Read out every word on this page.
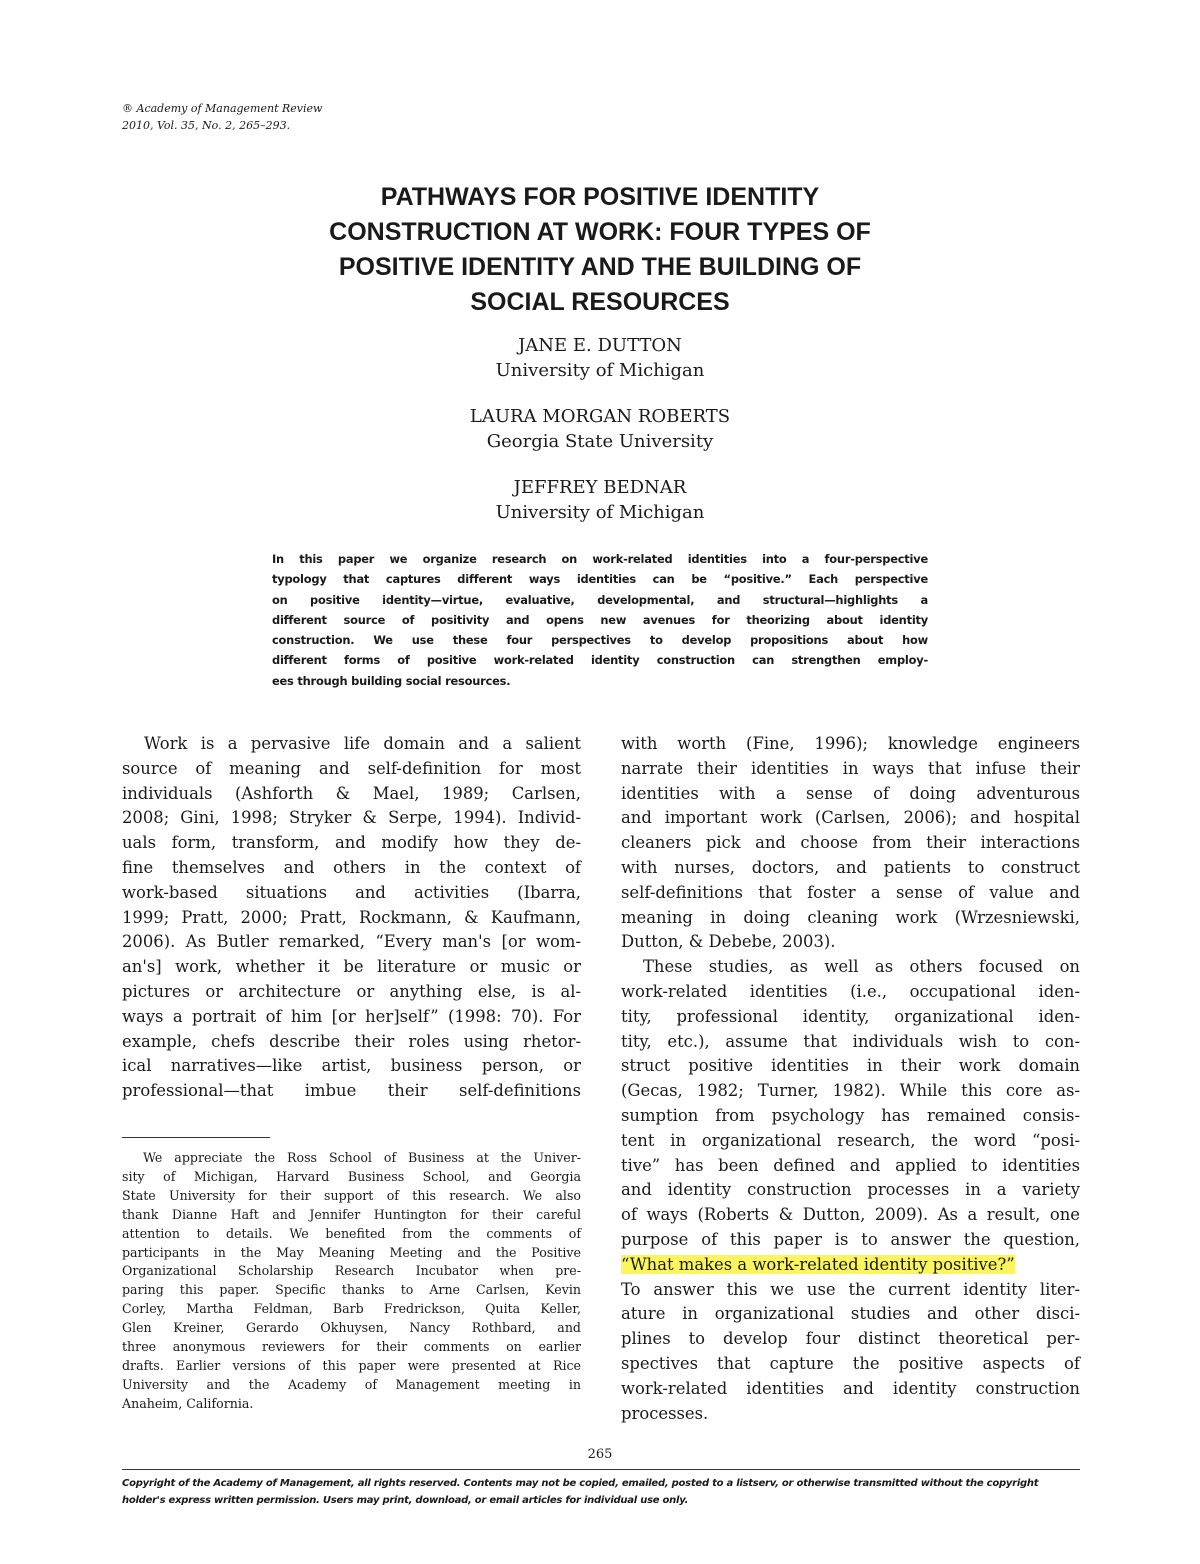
® Academy of Management Review
2010, Vol. 35, No. 2, 265–293.
PATHWAYS FOR POSITIVE IDENTITY
CONSTRUCTION AT WORK: FOUR TYPES OF
POSITIVE IDENTITY AND THE BUILDING OF
SOCIAL RESOURCES
JANE E. DUTTON
University of Michigan
LAURA MORGAN ROBERTS
Georgia State University
JEFFREY BEDNAR
University of Michigan
In this paper we organize research on work-related identities into a four-perspective
typology that captures different ways identities can be “positive.” Each perspective
on positive identity—virtue, evaluative, developmental, and structural—highlights a
different source of positivity and opens new avenues for theorizing about identity
construction. We use these four perspectives to develop propositions about how
different forms of positive work-related identity construction can strengthen employ-
ees through building social resources.
Work is a pervasive life domain and a salient
source of meaning and self-definition for most
individuals (Ashforth & Mael, 1989; Carlsen,
2008; Gini, 1998; Stryker & Serpe, 1994). Individ-
uals form, transform, and modify how they de-
fine themselves and others in the context of
work-based situations and activities (Ibarra,
1999; Pratt, 2000; Pratt, Rockmann, & Kaufmann,
2006). As Butler remarked, “Every man's [or wom-
an's] work, whether it be literature or music or
pictures or architecture or anything else, is al-
ways a portrait of him [or her]self” (1998: 70). For
example, chefs describe their roles using rhetor-
ical narratives—like artist, business person, or
professional—that imbue their self-definitions
We appreciate the Ross School of Business at the Univer-
sity of Michigan, Harvard Business School, and Georgia
State University for their support of this research. We also
thank Dianne Haft and Jennifer Huntington for their careful
attention to details. We benefited from the comments of
participants in the May Meaning Meeting and the Positive
Organizational Scholarship Research Incubator when pre-
paring this paper. Specific thanks to Arne Carlsen, Kevin
Corley, Martha Feldman, Barb Fredrickson, Quita Keller,
Glen Kreiner, Gerardo Okhuysen, Nancy Rothbard, and
three anonymous reviewers for their comments on earlier
drafts. Earlier versions of this paper were presented at Rice
University and the Academy of Management meeting in
Anaheim, California.
with worth (Fine, 1996); knowledge engineers
narrate their identities in ways that infuse their
identities with a sense of doing adventurous
and important work (Carlsen, 2006); and hospital
cleaners pick and choose from their interactions
with nurses, doctors, and patients to construct
self-definitions that foster a sense of value and
meaning in doing cleaning work (Wrzesniewski,
Dutton, & Debebe, 2003).
These studies, as well as others focused on
work-related identities (i.e., occupational iden-
tity, professional identity, organizational iden-
tity, etc.), assume that individuals wish to con-
struct positive identities in their work domain
(Gecas, 1982; Turner, 1982). While this core as-
sumption from psychology has remained consis-
tent in organizational research, the word “posi-
tive” has been defined and applied to identities
and identity construction processes in a variety
of ways (Roberts & Dutton, 2009). As a result, one
purpose of this paper is to answer the question,
“What makes a work-related identity positive?”
To answer this we use the current identity liter-
ature in organizational studies and other disci-
plines to develop four distinct theoretical per-
spectives that capture the positive aspects of
work-related identities and identity construction
processes.
265
Copyright of the Academy of Management, all rights reserved. Contents may not be copied, emailed, posted to a listserv, or otherwise transmitted without the copyright
holder's express written permission. Users may print, download, or email articles for individual use only.
